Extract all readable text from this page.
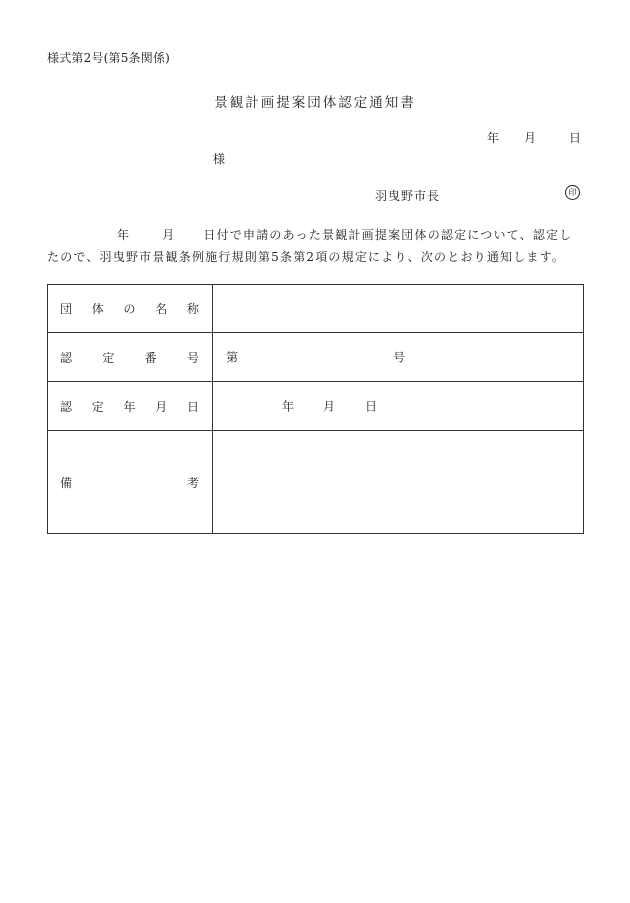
様式第2号(第5条関係)
景観計画提案団体認定通知書
年 月	日
様
羽曳野市長	印
年	月 日付で申請のあった景観計画提案団体の認定について、認定し
たので、羽曳野市景観条例施行規則第5条第2項の規定により、次のとおり通知します。
団 体 の 名 称	

認 定 番 号	第 号

認 定 年 月 日	年 月 日

備 考	
